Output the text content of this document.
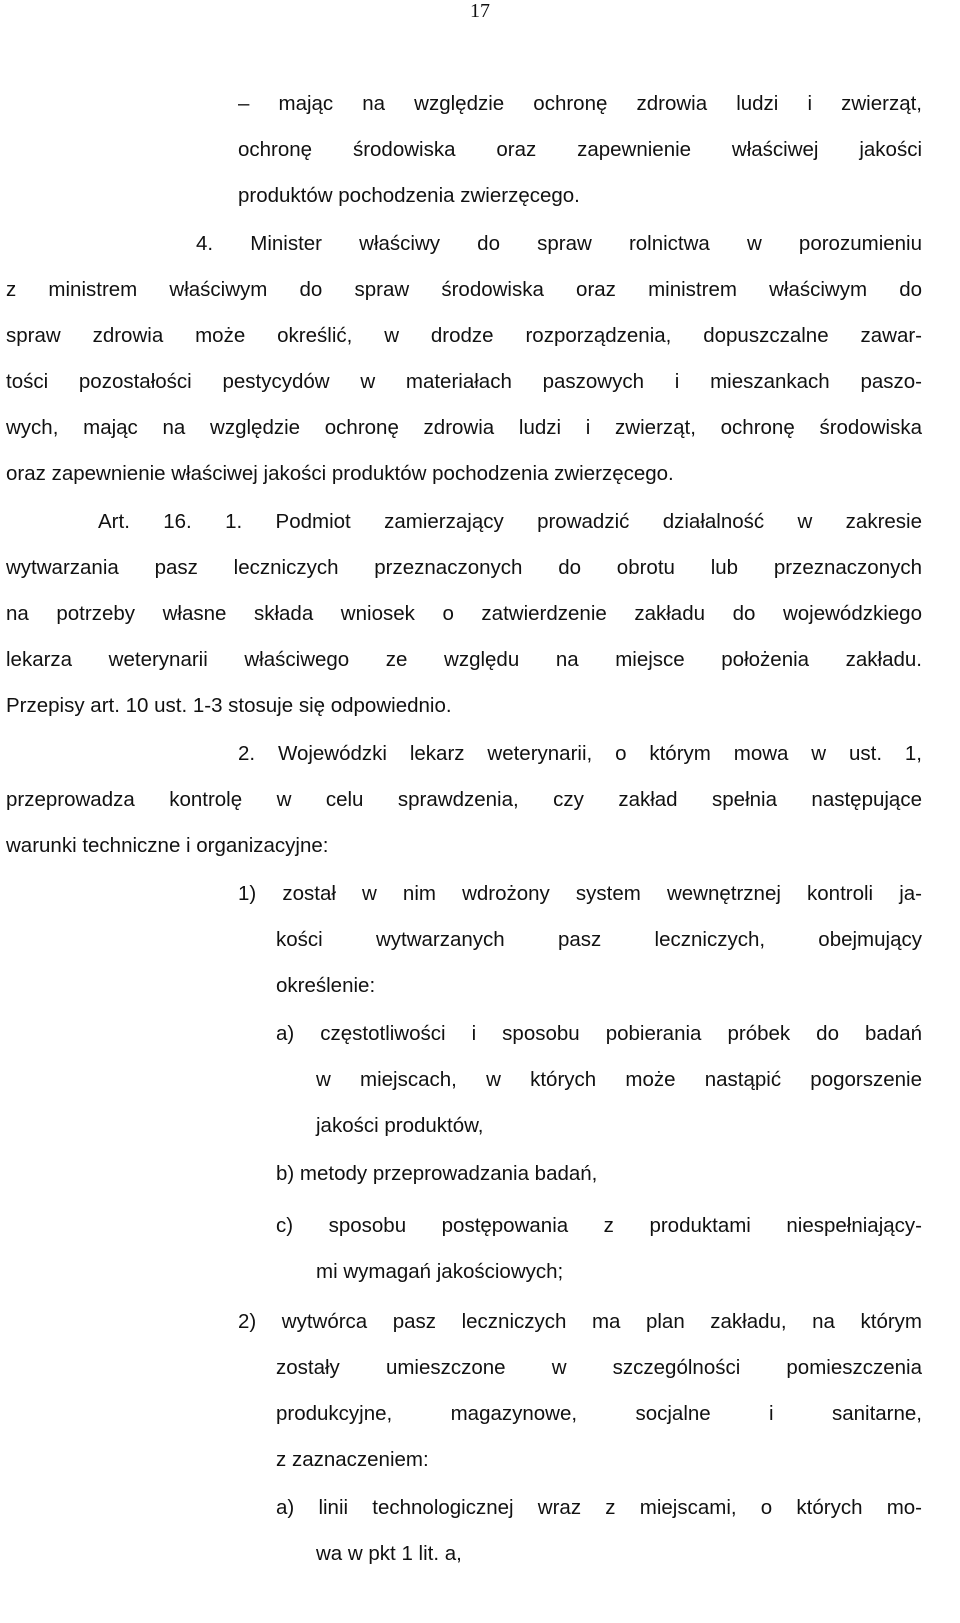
17
– mając na względzie ochronę zdrowia ludzi i zwierząt,
ochronę środowiska oraz zapewnienie właściwej jakości
produktów pochodzenia zwierzęcego.
4. Minister właściwy do spraw rolnictwa w porozumieniu
z ministrem właściwym do spraw środowiska oraz ministrem właściwym do
spraw zdrowia może określić, w drodze rozporządzenia, dopuszczalne zawar-
tości pozostałości pestycydów w materiałach paszowych i mieszankach paszo-
wych, mając na względzie ochronę zdrowia ludzi i zwierząt, ochronę środowiska
oraz zapewnienie właściwej jakości produktów pochodzenia zwierzęcego.
Art. 16. 1. Podmiot zamierzający prowadzić działalność w zakresie
wytwarzania pasz leczniczych przeznaczonych do obrotu lub przeznaczonych
na potrzeby własne składa wniosek o zatwierdzenie zakładu do wojewódzkiego
lekarza weterynarii właściwego ze względu na miejsce położenia zakładu.
Przepisy art. 10 ust. 1-3 stosuje się odpowiednio.
2. Wojewódzki lekarz weterynarii, o którym mowa w ust. 1,
przeprowadza kontrolę w celu sprawdzenia, czy zakład spełnia następujące
warunki techniczne i organizacyjne:
1) został w nim wdrożony system wewnętrznej kontroli ja-
kości wytwarzanych pasz leczniczych, obejmujący
określenie:
a) częstotliwości i sposobu pobierania próbek do badań
w miejscach, w których może nastąpić pogorszenie
jakości produktów,
b) metody przeprowadzania badań,
c) sposobu postępowania z produktami niespełniający-
mi wymagań jakościowych;
2) wytwórca pasz leczniczych ma plan zakładu, na którym
zostały umieszczone w szczególności pomieszczenia
produkcyjne, magazynowe, socjalne i sanitarne,
z zaznaczeniem:
a) linii technologicznej wraz z miejscami, o których mo-
wa w pkt 1 lit. a,
